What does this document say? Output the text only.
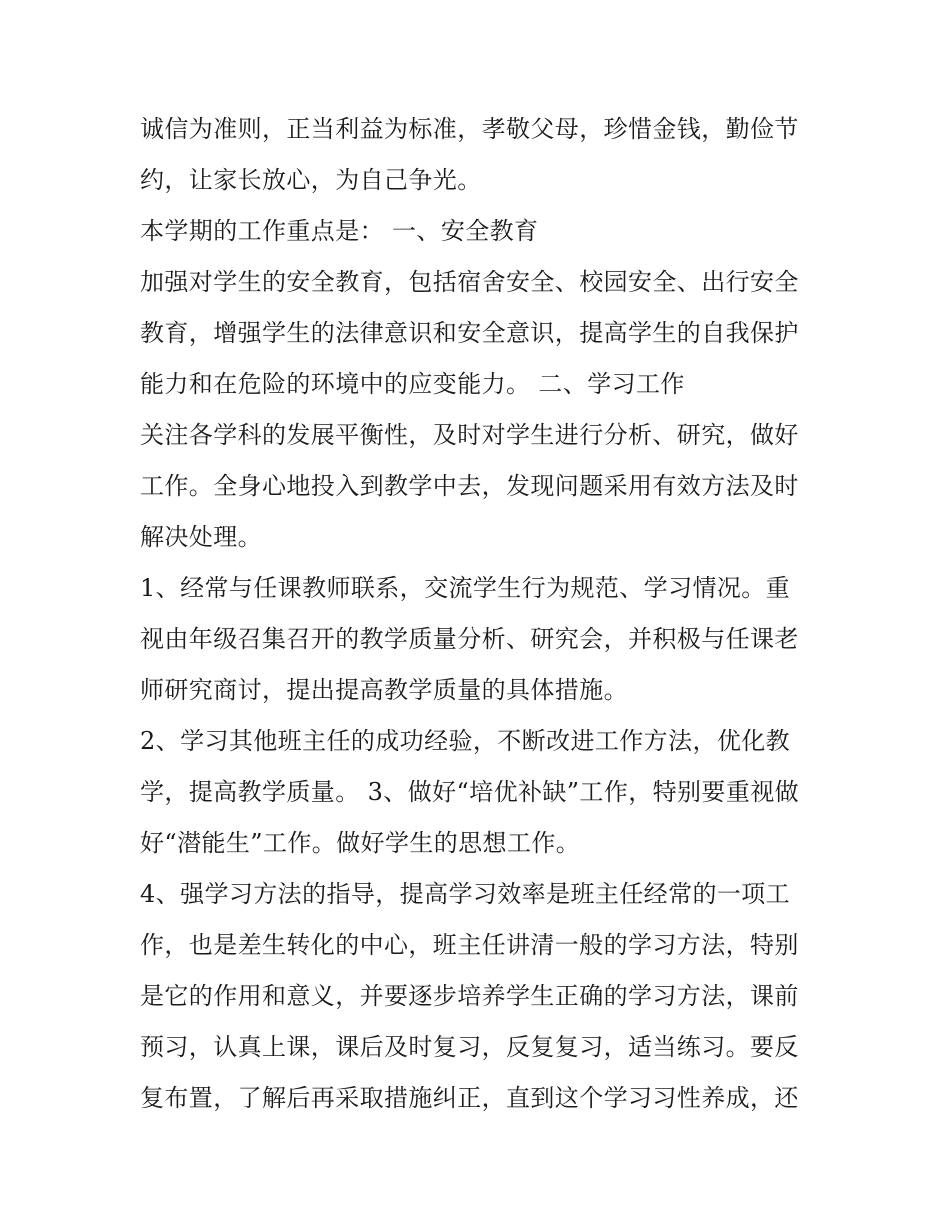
诚信为准则，正当利益为标准，孝敬父母，珍惜金钱，勤俭节
约，让家长放心，为自己争光。
本学期的工作重点是： 一、安全教育
加强对学生的安全教育，包括宿舍安全、校园安全、出行安全
教育，增强学生的法律意识和安全意识，提高学生的自我保护
能力和在危险的环境中的应变能力。 二、学习工作
关注各学科的发展平衡性，及时对学生进行分析、研究，做好
工作。全身心地投入到教学中去，发现问题采用有效方法及时
解决处理。
1、经常与任课教师联系，交流学生行为规范、学习情况。重
视由年级召集召开的教学质量分析、研究会，并积极与任课老
师研究商讨，提出提高教学质量的具体措施。
2、学习其他班主任的成功经验，不断改进工作方法，优化教
学，提高教学质量。 3、做好“培优补缺”工作，特别要重视做
好“潜能生”工作。做好学生的思想工作。
4、强学习方法的指导，提高学习效率是班主任经常的一项工
作，也是差生转化的中心，班主任讲清一般的学习方法，特别
是它的作用和意义，并要逐步培养学生正确的学习方法，课前
预习，认真上课，课后及时复习，反复复习，适当练习。要反
复布置，了解后再采取措施纠正，直到这个学习习性养成，还
